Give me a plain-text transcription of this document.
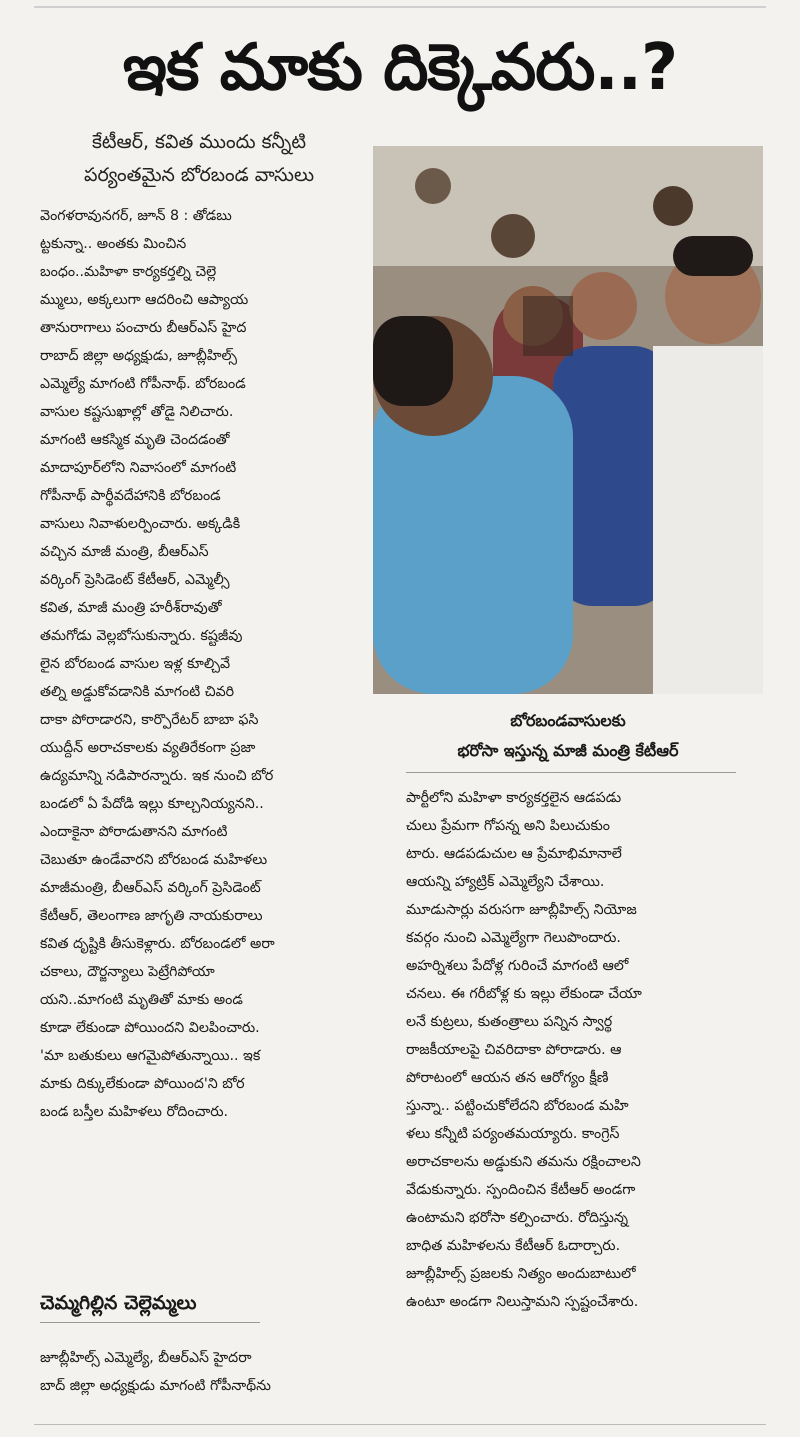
ఇక మాకు దిక్కెవరు..?
కేటీఆర్, కవిత ముందు కన్నీటి
పర్యంతమైన బోరబండ వాసులు
బోరబండవాసులకు
భరోసా ఇస్తున్న మాజీ మంత్రి కేటీఆర్
వెంగళరావునగర్, జూన్ 8 : తోడబు
ట్టకున్నా.. అంతకు మించిన
బంధం..మహిళా కార్యకర్తల్ని చెల్లె
మ్ములు, అక్కలుగా ఆదరించి ఆప్యాయ
తానురాగాలు పంచారు బీఆర్ఎస్ హైద
రాబాద్ జిల్లా అధ్యక్షుడు, జూబ్లీహిల్స్
ఎమ్మెల్యే మాగంటి గోపీనాథ్. బోరబండ
వాసుల కష్టసుఖాల్లో తోడై నిలిచారు.
మాగంటి ఆకస్మిక మృతి చెందడంతో
మాదాపూర్‌లోని నివాసంలో మాగంటి
గోపీనాథ్ పార్థీవదేహానికి బోరబండ
వాసులు నివాళులర్పించారు. అక్కడికి
వచ్చిన మాజీ మంత్రి, బీఆర్ఎస్
వర్కింగ్ ప్రెసిడెంట్ కేటీఆర్, ఎమ్మెల్సీ
కవిత, మాజీ మంత్రి హరీశ్‌రావుతో
తమగోడు వెల్లబోసుకున్నారు. కష్టజీవు
లైన బోరబండ వాసుల ఇళ్ల కూల్చివే
తల్ని అడ్డుకోవడానికి మాగంటి చివరి
దాకా పోరాడారని, కార్పొరేటర్ బాబా ఫసి
యుద్దీన్ అరాచకాలకు వ్యతిరేకంగా ప్రజా
ఉద్యమాన్ని నడిపారన్నారు. ఇక నుంచి బోర
బండలో ఏ పేదోడి ఇల్లు కూల్చనియ్యనని..
ఎందాకైనా పోరాడుతానని మాగంటి
చెబుతూ ఉండేవారని బోరబండ మహిళలు
మాజీమంత్రి, బీఆర్ఎస్ వర్కింగ్ ప్రెసిడెంట్
కేటీఆర్, తెలంగాణ జాగృతి నాయకురాలు
కవిత దృష్టికి తీసుకెళ్లారు. బోరబండలో అరా
చకాలు, దౌర్జన్యాలు పెట్రేగిపోయా
యని..మాగంటి మృతితో మాకు అండ
కూడా లేకుండా పోయిందని విలపించారు.
'మా బతుకులు ఆగమైపోతున్నాయి.. ఇక
మాకు దిక్కులేకుండా పోయింద'ని బోర
బండ బస్తీల మహిళలు రోదించారు.
చెమ్మగిల్లిన చెల్లెమ్మలు
జూబ్లీహిల్స్ ఎమ్మెల్యే, బీఆర్ఎస్ హైదరా
బాద్ జిల్లా అధ్యక్షుడు మాగంటి గోపీనాథ్‌ను
పార్టీలోని మహిళా కార్యకర్తలైన ఆడపడు
చులు ప్రేమగా గోపన్న అని పిలుచుకుం
టారు. ఆడపడుచుల ఆ ప్రేమాభిమానాలే
ఆయన్ని హ్యాట్రిక్ ఎమ్మెల్యేని చేశాయి.
మూడుసార్లు వరుసగా జూబ్లీహిల్స్ నియోజ
కవర్గం నుంచి ఎమ్మెల్యేగా గెలుపొందారు.
అహర్నిశలు పేదోళ్ల గురించే మాగంటి ఆలో
చనలు. ఈ గరీబోళ్ల కు ఇల్లు లేకుండా చేయా
లనే కుట్రలు, కుతంత్రాలు పన్నిన స్వార్థ
రాజకీయాలపై చివరిదాకా పోరాడారు. ఆ
పోరాటంలో ఆయన తన ఆరోగ్యం క్షీణి
స్తున్నా.. పట్టించుకోలేదని బోరబండ మహి
ళలు కన్నీటి పర్యంతమయ్యారు. కాంగ్రెస్
అరాచకాలను అడ్డుకుని తమను రక్షించాలని
వేడుకున్నారు. స్పందించిన కేటీఆర్ అండగా
ఉంటామని భరోసా కల్పించారు. రోదిస్తున్న
బాధిత మహిళలను కేటీఆర్ ఓదార్చారు.
జూబ్లీహిల్స్ ప్రజలకు నిత్యం అందుబాటులో
ఉంటూ అండగా నిలుస్తామని స్పష్టంచేశారు.
